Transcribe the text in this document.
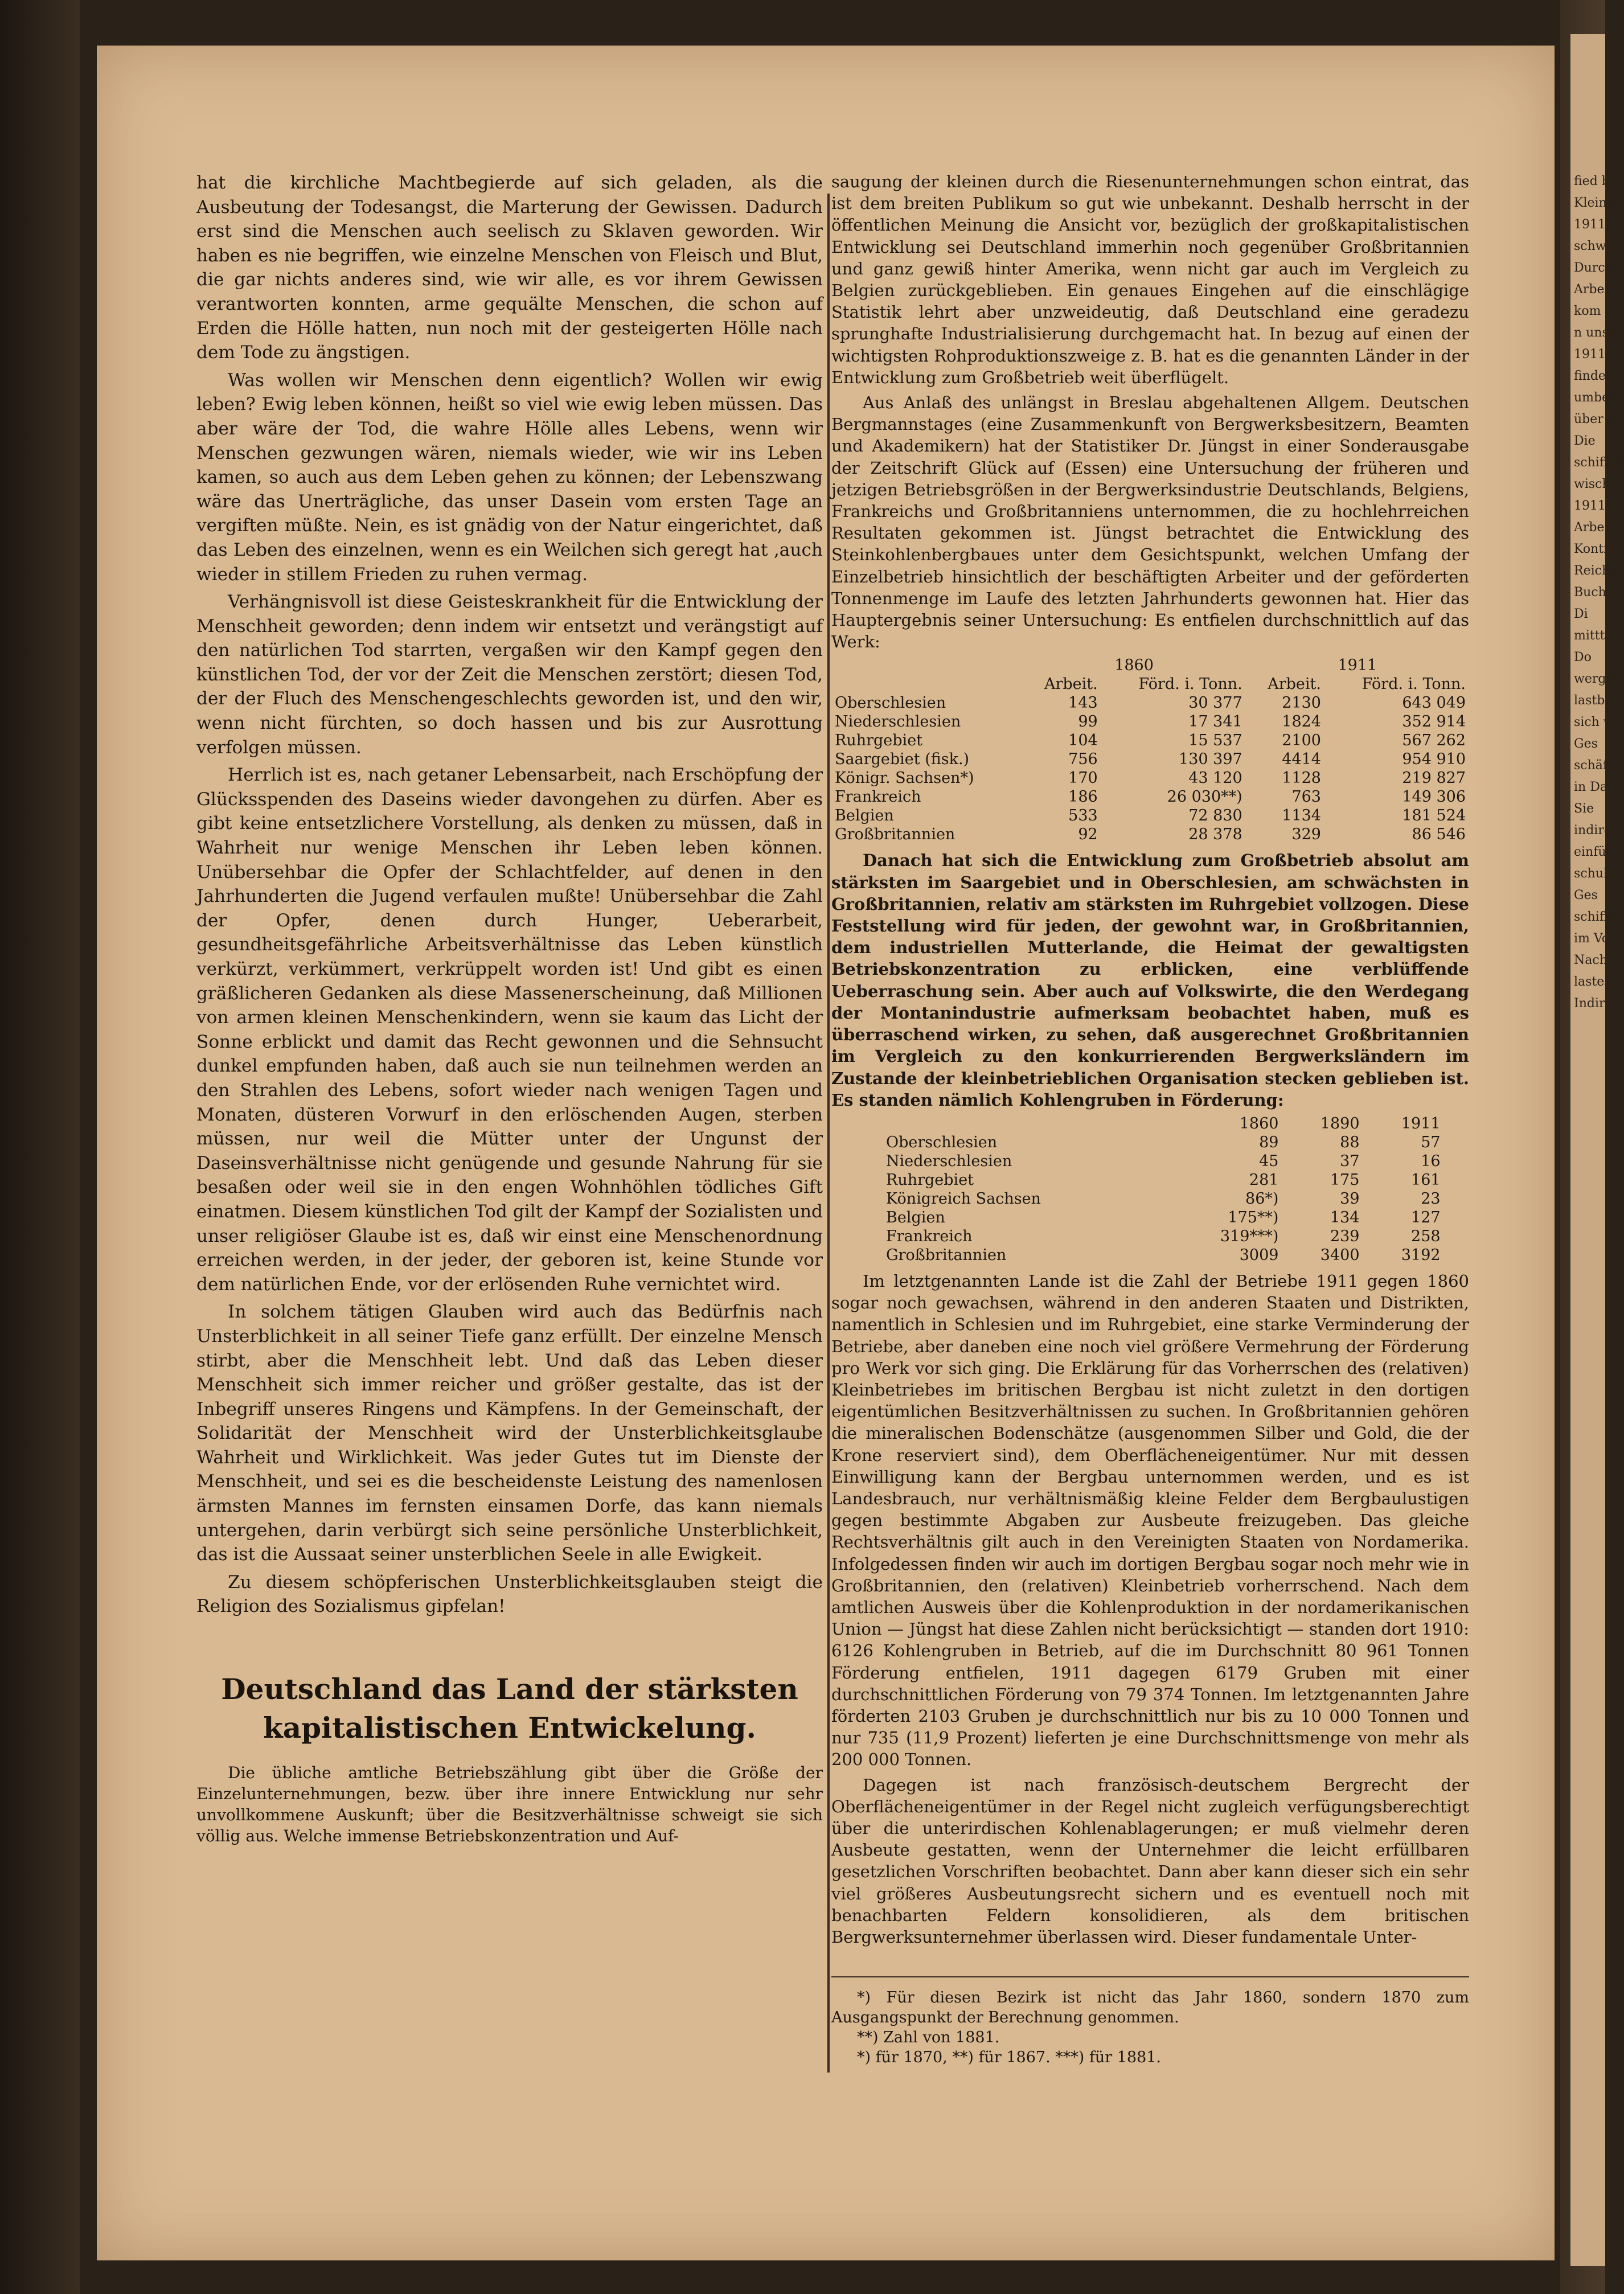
fied bi
Kleinb
1911
schwe
Durchs
Arbeit
kom be
n unse
1911
findern
umbert
über 80
Die
schiffen
wisch
1911
Arbeit
Kontro
Reichs
Buch
Di
mittt
Do
wergeb
lastbar
sich w
Ges
schäftli
in Da
Sie
indirek
einfüll
schuld
Ges
schiffe
im Vo
Nachw
lastes
Indire

hat die kirchliche Machtbegierde auf sich geladen, als die Ausbeutung der Todesangst, die Marterung der Gewissen. Dadurch erst sind die Menschen auch seelisch zu Sklaven geworden. Wir haben es nie begriffen, wie einzelne Menschen von Fleisch und Blut, die gar nichts anderes sind, wie wir alle, es vor ihrem Gewissen verantworten konnten, arme gequälte Menschen, die schon auf Erden die Hölle hatten, nun noch mit der gesteigerten Hölle nach dem Tode zu ängstigen.

Was wollen wir Menschen denn eigentlich? Wollen wir ewig leben? Ewig leben können, heißt so viel wie ewig leben müssen. Das aber wäre der Tod, die wahre Hölle alles Lebens, wenn wir Menschen gezwungen wären, niemals wieder, wie wir ins Leben kamen, so auch aus dem Leben gehen zu können; der Lebenszwang wäre das Unerträgliche, das unser Dasein vom ersten Tage an vergiften müßte. Nein, es ist gnädig von der Natur eingerichtet, daß das Leben des einzelnen, wenn es ein Weilchen sich geregt hat ,auch wieder in stillem Frieden zu ruhen vermag.

Verhängnisvoll ist diese Geisteskrankheit für die Entwicklung der Menschheit geworden; denn indem wir entsetzt und verängstigt auf den natürlichen Tod starrten, vergaßen wir den Kampf gegen den künstlichen Tod, der vor der Zeit die Menschen zerstört; diesen Tod, der der Fluch des Menschengeschlechts geworden ist, und den wir, wenn nicht fürchten, so doch hassen und bis zur Ausrottung verfolgen müssen.

Herrlich ist es, nach getaner Lebensarbeit, nach Erschöpfung der Glücksspenden des Daseins wieder davongehen zu dürfen. Aber es gibt keine entsetzlichere Vorstellung, als denken zu müssen, daß in Wahrheit nur wenige Menschen ihr Leben leben können. Unübersehbar die Opfer der Schlachtfelder, auf denen in den Jahrhunderten die Jugend verfaulen mußte! Unübersehbar die Zahl der Opfer, denen durch Hunger, Ueberarbeit, gesundheitsgefährliche Arbeitsverhältnisse das Leben künstlich verkürzt, verkümmert, verkrüppelt worden ist! Und gibt es einen gräßlicheren Gedanken als diese Massenerscheinung, daß Millionen von armen kleinen Menschenkindern, wenn sie kaum das Licht der Sonne erblickt und damit das Recht gewonnen und die Sehnsucht dunkel empfunden haben, daß auch sie nun teilnehmen werden an den Strahlen des Lebens, sofort wieder nach wenigen Tagen und Monaten, düsteren Vorwurf in den erlöschenden Augen, sterben müssen, nur weil die Mütter unter der Ungunst der Daseinsverhältnisse nicht genügende und gesunde Nahrung für sie besaßen oder weil sie in den engen Wohnhöhlen tödliches Gift einatmen. Diesem künstlichen Tod gilt der Kampf der Sozialisten und unser religiöser Glaube ist es, daß wir einst eine Menschenordnung erreichen werden, in der jeder, der geboren ist, keine Stunde vor dem natürlichen Ende, vor der erlösenden Ruhe vernichtet wird.

In solchem tätigen Glauben wird auch das Bedürfnis nach Unsterblichkeit in all seiner Tiefe ganz erfüllt. Der einzelne Mensch stirbt, aber die Menschheit lebt. Und daß das Leben dieser Menschheit sich immer reicher und größer gestalte, das ist der Inbegriff unseres Ringens und Kämpfens. In der Gemeinschaft, der Solidarität der Menschheit wird der Unsterblichkeitsglaube Wahrheit und Wirklichkeit. Was jeder Gutes tut im Dienste der Menschheit, und sei es die bescheidenste Leistung des namenlosen ärmsten Mannes im fernsten einsamen Dorfe, das kann niemals untergehen, darin verbürgt sich seine persönliche Unsterblichkeit, das ist die Aussaat seiner unsterblichen Seele in alle Ewigkeit.

Zu diesem schöpferischen Unsterblichkeitsglauben steigt die Religion des Sozialismus gipfelan!

Deutschland das Land der stärksten kapitalistischen Entwickelung.

Die übliche amtliche Betriebszählung gibt über die Größe der Einzelunternehmungen, bezw. über ihre innere Entwicklung nur sehr unvollkommene Auskunft; über die Besitzverhältnisse schweigt sie sich völlig aus. Welche immense Betriebskonzentration und Auf-

saugung der kleinen durch die Riesenunternehmungen schon eintrat, das ist dem breiten Publikum so gut wie unbekannt. Deshalb herrscht in der öffentlichen Meinung die Ansicht vor, bezüglich der großkapitalistischen Entwicklung sei Deutschland immerhin noch gegenüber Großbritannien und ganz gewiß hinter Amerika, wenn nicht gar auch im Vergleich zu Belgien zurückgeblieben. Ein genaues Eingehen auf die einschlägige Statistik lehrt aber unzweideutig, daß Deutschland eine geradezu sprunghafte Industrialisierung durchgemacht hat. In bezug auf einen der wichtigsten Rohproduktionszweige z. B. hat es die genannten Länder in der Entwicklung zum Großbetrieb weit überflügelt.

Aus Anlaß des unlängst in Breslau abgehaltenen Allgem. Deutschen Bergmannstages (eine Zusammenkunft von Bergwerksbesitzern, Beamten und Akademikern) hat der Statistiker Dr. Jüngst in einer Sonderausgabe der Zeitschrift Glück auf (Essen) eine Untersuchung der früheren und jetzigen Betriebsgrößen in der Bergwerksindustrie Deutschlands, Belgiens, Frankreichs und Großbritanniens unternommen, die zu hochlehrreichen Resultaten gekommen ist. Jüngst betrachtet die Entwicklung des Steinkohlenbergbaues unter dem Gesichtspunkt, welchen Umfang der Einzelbetrieb hinsichtlich der beschäftigten Arbeiter und der geförderten Tonnenmenge im Laufe des letzten Jahrhunderts gewonnen hat. Hier das Hauptergebnis seiner Untersuchung: Es entfielen durchschnittlich auf das Werk:

	1860		1911	
	Arbeit.	Förd. i. Tonn.	Arbeit.	Förd. i. Tonn.
Oberschlesien	143	30 377	2130	643 049
Niederschlesien	99	17 341	1824	352 914
Ruhrgebiet	104	15 537	2100	567 262
Saargebiet (fisk.)	756	130 397	4414	954 910
Königr. Sachsen*)	170	43 120	1128	219 827
Frankreich	186	26 030**)	763	149 306
Belgien	533	72 830	1134	181 524
Großbritannien	92	28 378	329	86 546

Danach hat sich die Entwicklung zum Großbetrieb absolut am stärksten im Saargebiet und in Oberschlesien, am schwächsten in Großbritannien, relativ am stärksten im Ruhrgebiet vollzogen. Diese Feststellung wird für jeden, der gewohnt war, in Großbritannien, dem industriellen Mutterlande, die Heimat der gewaltigsten Betriebskonzentration zu erblicken, eine verblüffende Ueberraschung sein. Aber auch auf Volkswirte, die den Werdegang der Montanindustrie aufmerksam beobachtet haben, muß es überraschend wirken, zu sehen, daß ausgerechnet Großbritannien im Vergleich zu den konkurrierenden Bergwerksländern im Zustande der kleinbetrieblichen Organisation stecken geblieben ist. Es standen nämlich Kohlengruben in Förderung:

	1860	1890	1911
Oberschlesien	89	88	57
Niederschlesien	45	37	16
Ruhrgebiet	281	175	161
Königreich Sachsen	86*)	39	23
Belgien	175**)	134	127
Frankreich	319***)	239	258
Großbritannien	3009	3400	3192

Im letztgenannten Lande ist die Zahl der Betriebe 1911 gegen 1860 sogar noch gewachsen, während in den anderen Staaten und Distrikten, namentlich in Schlesien und im Ruhrgebiet, eine starke Verminderung der Betriebe, aber daneben eine noch viel größere Vermehrung der Förderung pro Werk vor sich ging. Die Erklärung für das Vorherrschen des (relativen) Kleinbetriebes im britischen Bergbau ist nicht zuletzt in den dortigen eigentümlichen Besitzverhältnissen zu suchen. In Großbritannien gehören die mineralischen Bodenschätze (ausgenommen Silber und Gold, die der Krone reserviert sind), dem Oberflächeneigentümer. Nur mit dessen Einwilligung kann der Bergbau unternommen werden, und es ist Landesbrauch, nur verhältnismäßig kleine Felder dem Bergbaulustigen gegen bestimmte Abgaben zur Ausbeute freizugeben. Das gleiche Rechtsverhältnis gilt auch in den Vereinigten Staaten von Nordamerika. Infolgedessen finden wir auch im dortigen Bergbau sogar noch mehr wie in Großbritannien, den (relativen) Kleinbetrieb vorherrschend. Nach dem amtlichen Ausweis über die Kohlenproduktion in der nordamerikanischen Union — Jüngst hat diese Zahlen nicht berücksichtigt — standen dort 1910: 6126 Kohlengruben in Betrieb, auf die im Durchschnitt 80 961 Tonnen Förderung entfielen, 1911 dagegen 6179 Gruben mit einer durchschnittlichen Förderung von 79 374 Tonnen. Im letztgenannten Jahre förderten 2103 Gruben je durchschnittlich nur bis zu 10 000 Tonnen und nur 735 (11,9 Prozent) lieferten je eine Durchschnittsmenge von mehr als 200 000 Tonnen.

Dagegen ist nach französisch-deutschem Bergrecht der Oberflächeneigentümer in der Regel nicht zugleich verfügungsberechtigt über die unterirdischen Kohlenablagerungen; er muß vielmehr deren Ausbeute gestatten, wenn der Unternehmer die leicht erfüllbaren gesetzlichen Vorschriften beobachtet. Dann aber kann dieser sich ein sehr viel größeres Ausbeutungsrecht sichern und es eventuell noch mit benachbarten Feldern konsolidieren, als dem britischen Bergwerksunternehmer überlassen wird. Dieser fundamentale Unter-

*) Für diesen Bezirk ist nicht das Jahr 1860, sondern 1870 zum Ausgangspunkt der Berechnung genommen.

**) Zahl von 1881.

*) für 1870, **) für 1867. ***) für 1881.
